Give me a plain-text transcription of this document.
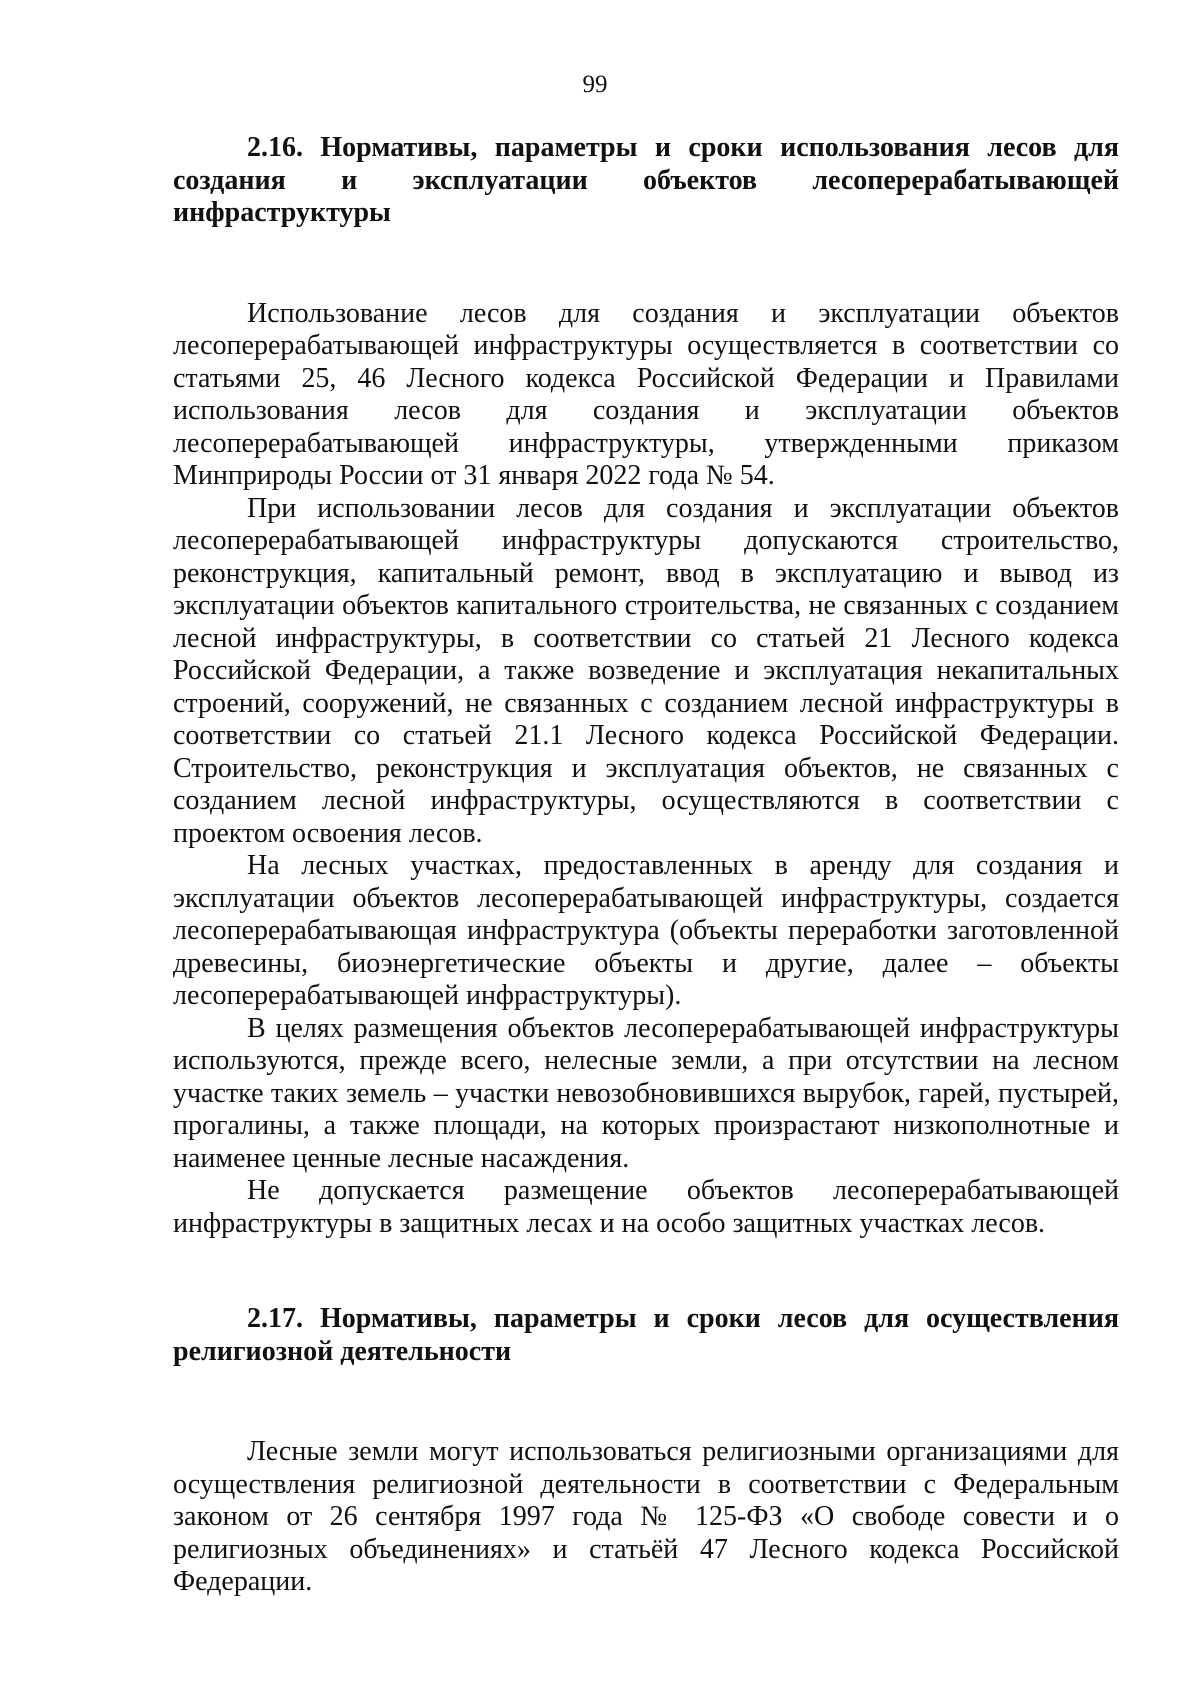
99
2.16. Нормативы, параметры и сроки использования лесов для создания и эксплуатации объектов лесоперерабатывающей инфраструктуры

Использование лесов для создания и эксплуатации объектов лесоперерабатывающей инфраструктуры осуществляется в соответствии со статьями 25, 46 Лесного кодекса Российской Федерации и Правилами использования лесов для создания и эксплуатации объектов лесоперерабатывающей инфраструктуры, утвержденными приказом Минприроды России от 31 января 2022 года № 54.

При использовании лесов для создания и эксплуатации объектов лесоперерабатывающей инфраструктуры допускаются строительство, реконструкция, капитальный ремонт, ввод в эксплуатацию и вывод из эксплуатации объектов капитального строительства, не связанных с созданием лесной инфраструктуры, в соответствии со статьей 21 Лесного кодекса Российской Федерации, а также возведение и эксплуатация некапитальных строений, сооружений, не связанных с созданием лесной инфраструктуры в соответствии со статьей 21.1 Лесного кодекса Российской Федерации. Строительство, реконструкция и эксплуатация объектов, не связанных с созданием лесной инфраструктуры, осуществляются в соответствии с проектом освоения лесов.

На лесных участках, предоставленных в аренду для создания и эксплуатации объектов лесоперерабатывающей инфраструктуры, создается лесоперерабатывающая инфраструктура (объекты переработки заготовленной древесины, биоэнергетические объекты и другие, далее – объекты лесоперерабатывающей инфраструктуры).

В целях размещения объектов лесоперерабатывающей инфраструктуры используются, прежде всего, нелесные земли, а при отсутствии на лесном участке таких земель – участки невозобновившихся вырубок, гарей, пустырей, прогалины, а также площади, на которых произрастают низкополнотные и наименее ценные лесные насаждения.

Не допускается размещение объектов лесоперерабатывающей инфраструктуры в защитных лесах и на особо защитных участках лесов.

2.17. Нормативы, параметры и сроки лесов для осуществления религиозной деятельности

Лесные земли могут использоваться религиозными организациями для осуществления религиозной деятельности в соответствии с Федеральным законом от 26 сентября 1997 года № 125-ФЗ «О свободе совести и о религиозных объединениях» и статьёй 47 Лесного кодекса Российской Федерации.
